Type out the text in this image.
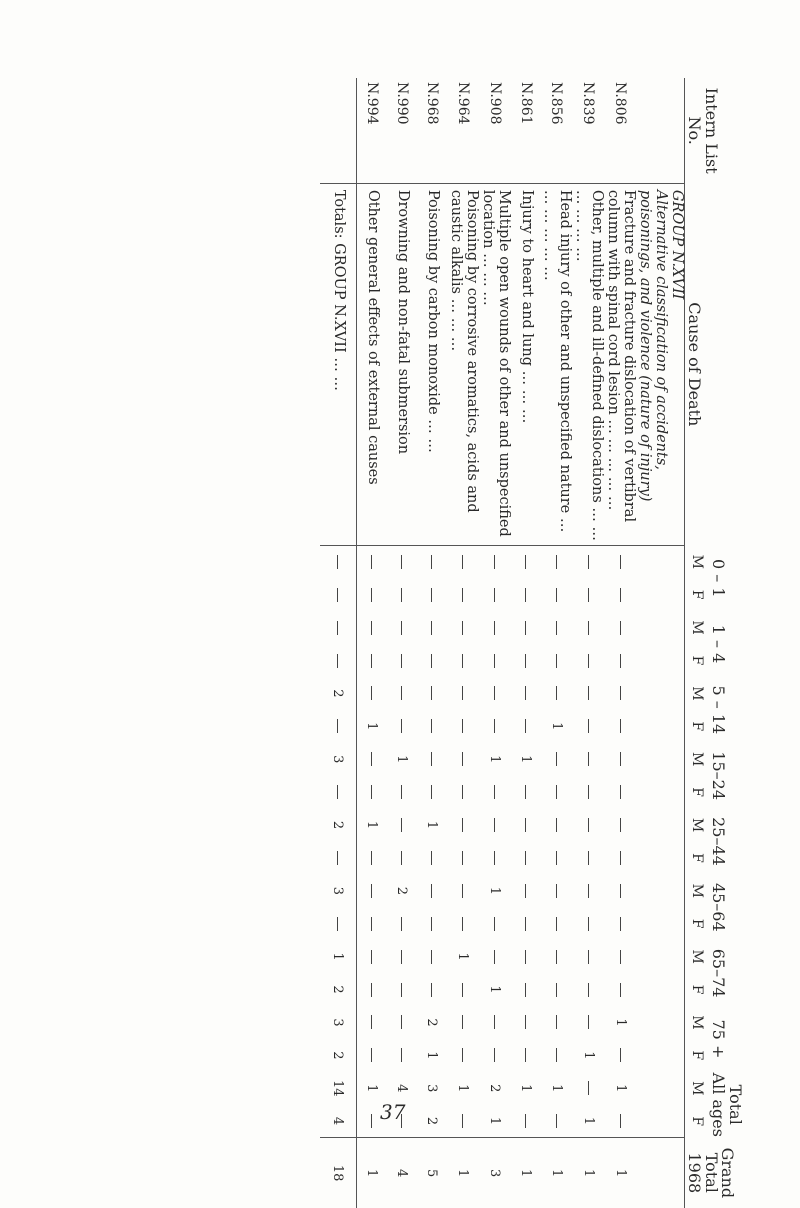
Intern List No.	Cause of Death	0 – 1		1 – 4		5 – 14		15–24		25–44		45–64		65–74		75 +		Total All ages		Grand Total 1968
		M	F	M	F	M	F	M	F	M	F	M	F	M	F	M	F	M	F	
	GROUP N.XVII
Alternative classification of accidents, poisonings, and violence (nature of injury)																			
N.806	Fracture and fracture dislocation of vertibral column with spinal cord lesion … … … … …															1		1		1
N.839	Other, multiple and ill-defined dislocations … … … … … …																1		1	1
N.856	Head injury of other and unspecified nature … … … … … …						1											1		1
N.861	Injury to heart and lung … … …							1										1		1
N.908	Multiple open wounds of other and unspecified location … … …							1				1			1			2	1	3
N.964	Poisoning by corrosive aromatics, acids and caustic alkalis … … …													1				1		1
N.968	Poisoning by carbon monoxide … …									1						2	1	3	2	5
N.990	Drowning and non-fatal submersion							1				2						4		4
N.994	Other general effects of external causes						1			1								1		1
	Totals: GROUP N.XVII … …					2		3		2		3		1	2	3	2	14	4	18
37
